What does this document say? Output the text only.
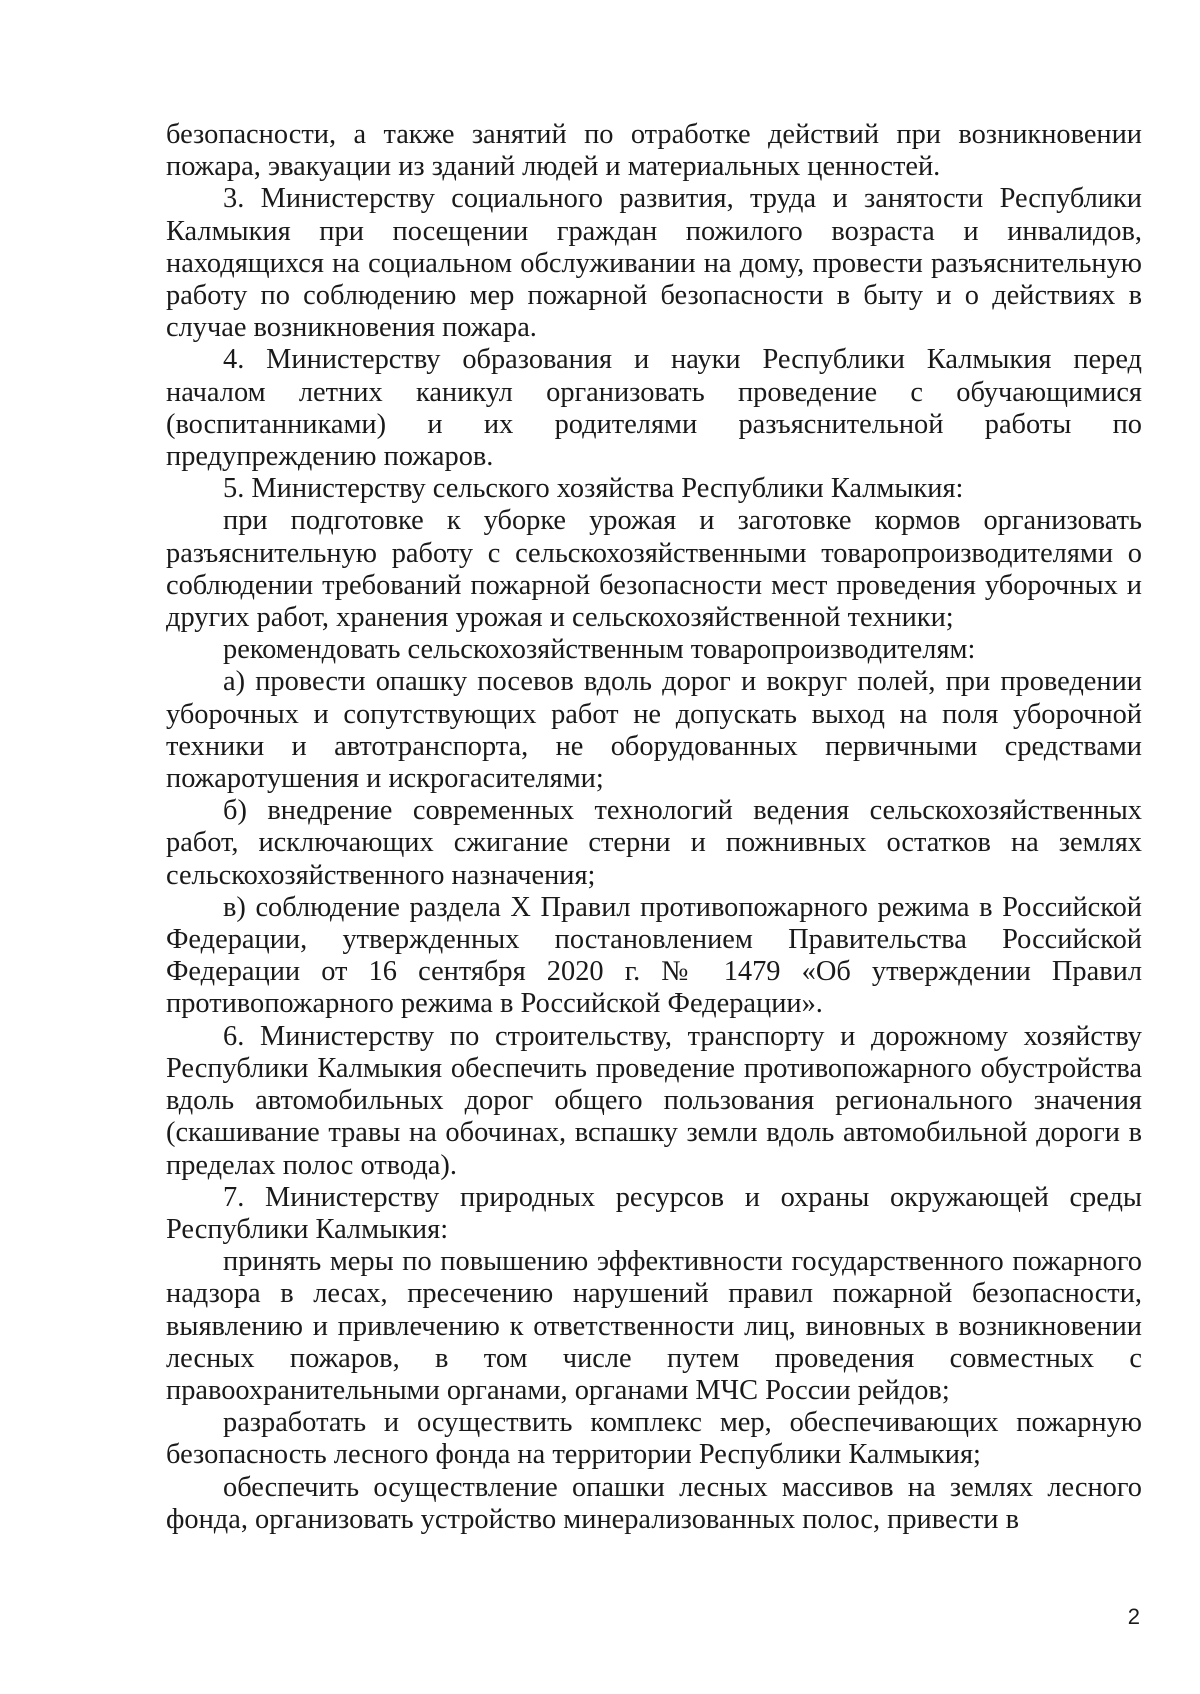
безопасности, а также занятий по отработке действий при возникновении пожара, эвакуации из зданий людей и материальных ценностей.

3. Министерству социального развития, труда и занятости Республики Калмыкия при посещении граждан пожилого возраста и инвалидов, находящихся на социальном обслуживании на дому, провести разъяснительную работу по соблюдению мер пожарной безопасности в быту и о действиях в случае возникновения пожара.

4. Министерству образования и науки Республики Калмыкия перед началом летних каникул организовать проведение с обучающимися (воспитанниками) и их родителями разъяснительной работы по предупреждению пожаров.

5. Министерству сельского хозяйства Республики Калмыкия:

при подготовке к уборке урожая и заготовке кормов организовать разъяснительную работу с сельскохозяйственными товаропроизводителями о соблюдении требований пожарной безопасности мест проведения уборочных и других работ, хранения урожая и сельскохозяйственной техники;

рекомендовать сельскохозяйственным товаропроизводителям:

а) провести опашку посевов вдоль дорог и вокруг полей, при проведении уборочных и сопутствующих работ не допускать выход на поля уборочной техники и автотранспорта, не оборудованных первичными средствами пожаротушения и искрогасителями;

б) внедрение современных технологий ведения сельскохозяйственных работ, исключающих сжигание стерни и пожнивных остатков на землях сельскохозяйственного назначения;

в) соблюдение раздела X Правил противопожарного режима в Российской Федерации, утвержденных постановлением Правительства Российской Федерации от 16 сентября 2020 г. № 1479 «Об утверждении Правил противопожарного режима в Российской Федерации».

6. Министерству по строительству, транспорту и дорожному хозяйству Республики Калмыкия обеспечить проведение противопожарного обустройства вдоль автомобильных дорог общего пользования регионального значения (скашивание травы на обочинах, вспашку земли вдоль автомобильной дороги в пределах полос отвода).

7. Министерству природных ресурсов и охраны окружающей среды Республики Калмыкия:

принять меры по повышению эффективности государственного пожарного надзора в лесах, пресечению нарушений правил пожарной безопасности, выявлению и привлечению к ответственности лиц, виновных в возникновении лесных пожаров, в том числе путем проведения совместных с правоохранительными органами, органами МЧС России рейдов;

разработать и осуществить комплекс мер, обеспечивающих пожарную безопасность лесного фонда на территории Республики Калмыкия;

обеспечить осуществление опашки лесных массивов на землях лесного фонда, организовать устройство минерализованных полос, привести в

2
